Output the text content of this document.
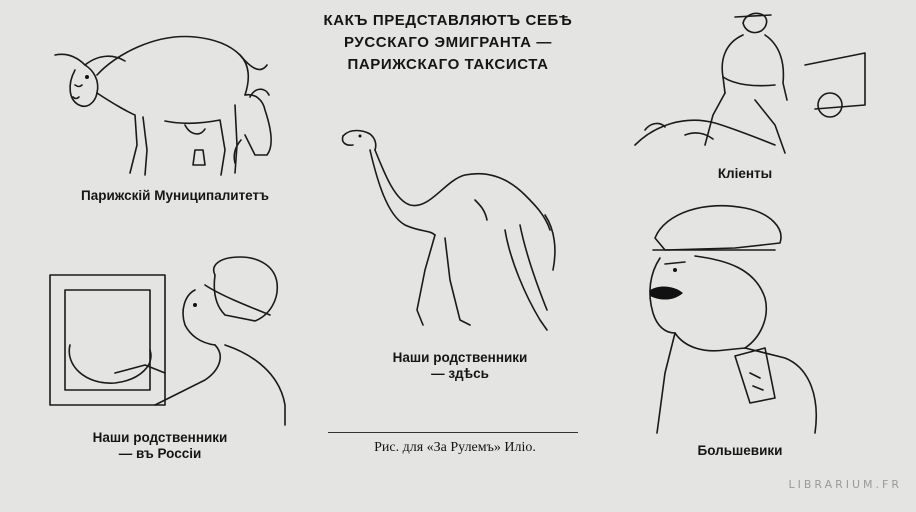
КАКЪ ПРЕДСТАВЛЯЮТЪ СЕБѢ
РУССКАГО ЭМИГРАНТА —
ПАРИЖСКАГО ТАКСИСТА
Парижскій Муниципалитетъ
Кліенты
Наши родственники
— здѣсь
Наши родственники
— въ Россіи	Большевики
Рис. для «За Рулемъ» Иліо.
LIBRARIUM.FR
